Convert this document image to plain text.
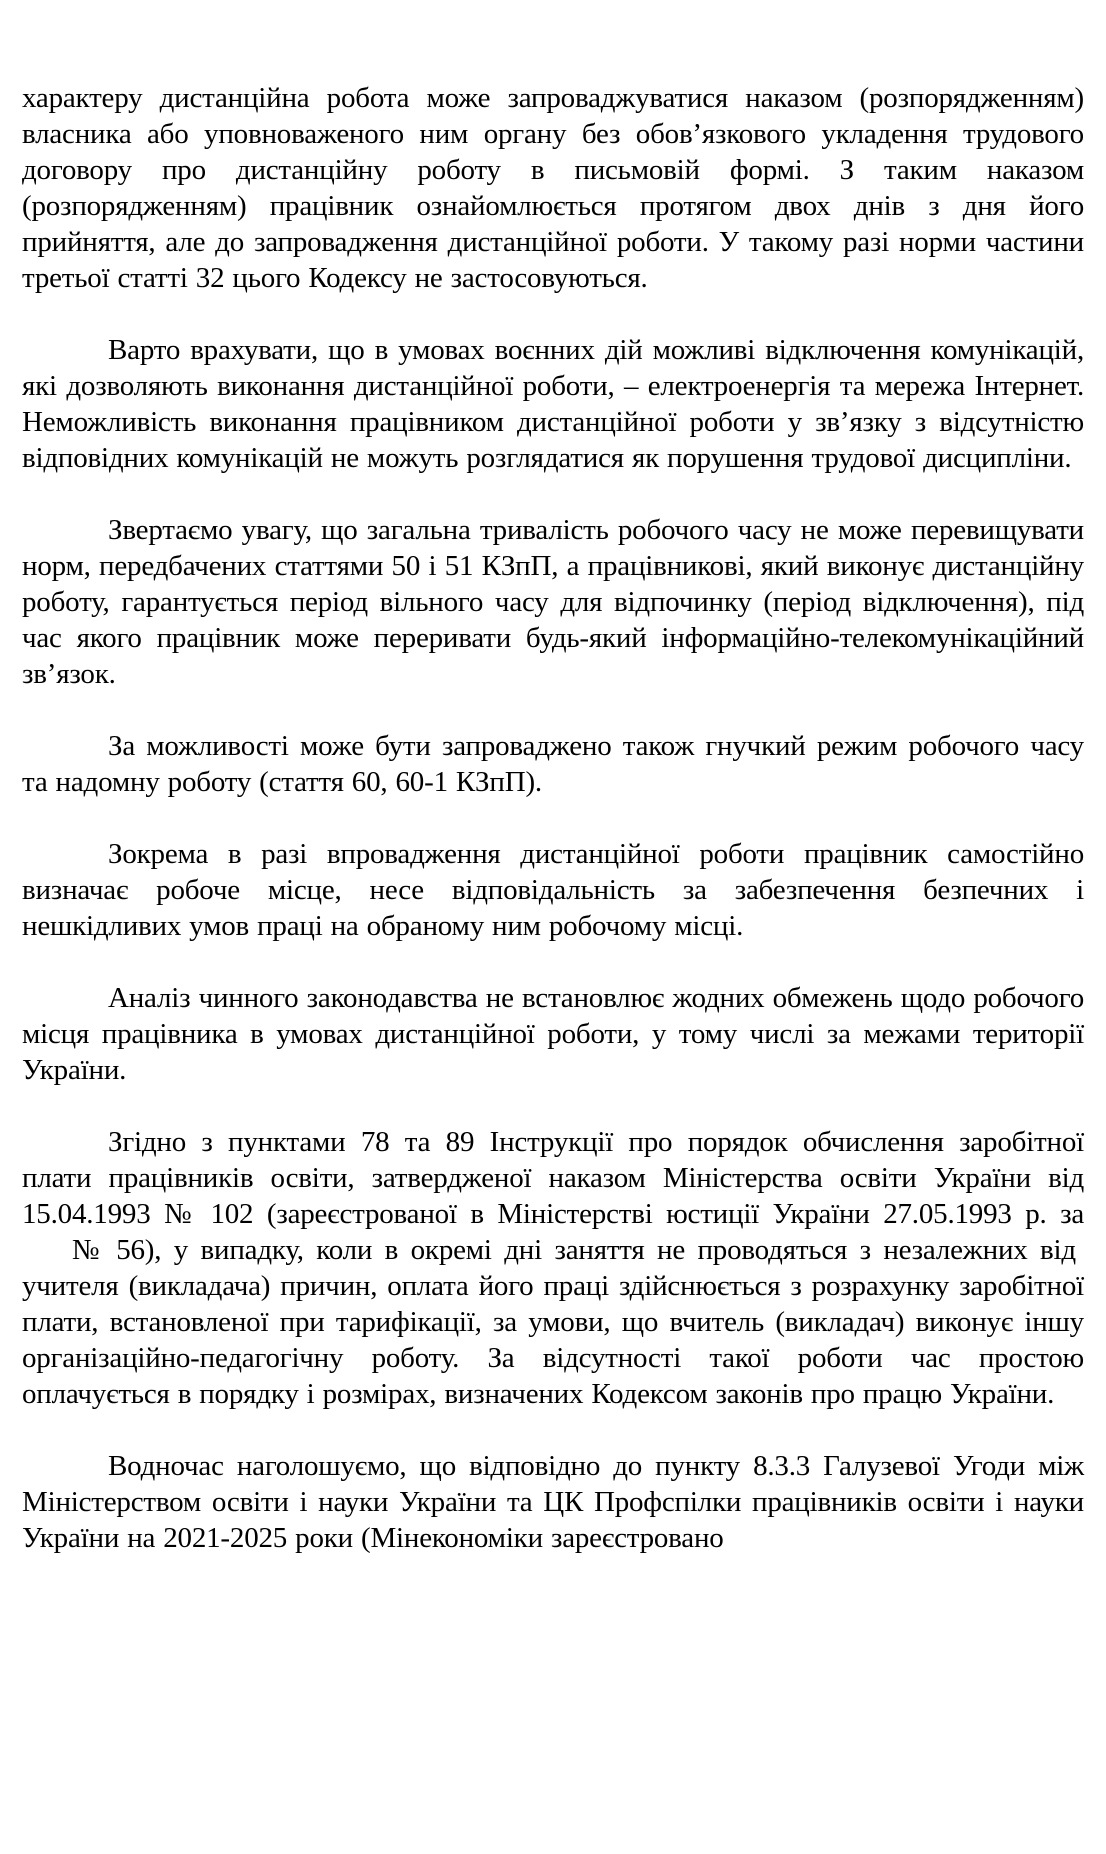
характеру дистанційна робота може запроваджуватися наказом (розпорядженням) власника або уповноваженого ним органу без обов’язкового укладення трудового договору про дистанційну роботу в письмовій формі. З таким наказом (розпорядженням) працівник ознайомлюється протягом двох днів з дня його прийняття, але до запровадження дистанційної роботи. У такому разі норми частини третьої статті 32 цього Кодексу не застосовуються.

Варто врахувати, що в умовах воєнних дій можливі відключення комунікацій, які дозволяють виконання дистанційної роботи, – електроенергія та мережа Інтернет. Неможливість виконання працівником дистанційної роботи у зв’язку з відсутністю відповідних комунікацій не можуть розглядатися як порушення трудової дисципліни.

Звертаємо увагу, що загальна тривалість робочого часу не може перевищувати норм, передбачених статтями 50 і 51 КЗпП, а працівникові, який виконує дистанційну роботу, гарантується період вільного часу для відпочинку (період відключення), під час якого працівник може переривати будь-який інформаційно-телекомунікаційний зв’язок.

За можливості може бути запроваджено також гнучкий режим робочого часу та надомну роботу (стаття 60, 60-1 КЗпП).

Зокрема в разі впровадження дистанційної роботи працівник самостійно визначає робоче місце, несе відповідальність за забезпечення безпечних і нешкідливих умов праці на обраному ним робочому місці.

Аналіз чинного законодавства не встановлює жодних обмежень щодо робочого місця працівника в умовах дистанційної роботи, у тому числі за межами території України.

Згідно з пунктами 78 та 89 Інструкції про порядок обчислення заробітної плати працівників освіти, затвердженої наказом Міністерства освіти України від 15.04.1993 № 102 (зареєстрованої в Міністерстві юстиції України 27.05.1993 р. за     № 56), у випадку, коли в окремі дні заняття не проводяться з незалежних від  учителя (викладача) причин, оплата його праці здійснюється з розрахунку заробітної плати, встановленої при тарифікації, за умови, що вчитель (викладач) виконує іншу організаційно-педагогічну роботу. За відсутності такої роботи час простою оплачується в порядку і розмірах, визначених Кодексом законів про працю України.

Водночас наголошуємо, що відповідно до пункту 8.3.3 Галузевої Угоди між Міністерством освіти і науки України та ЦК Профспілки працівників освіти і науки України на 2021-2025 роки (Мінекономіки зареєстровано
